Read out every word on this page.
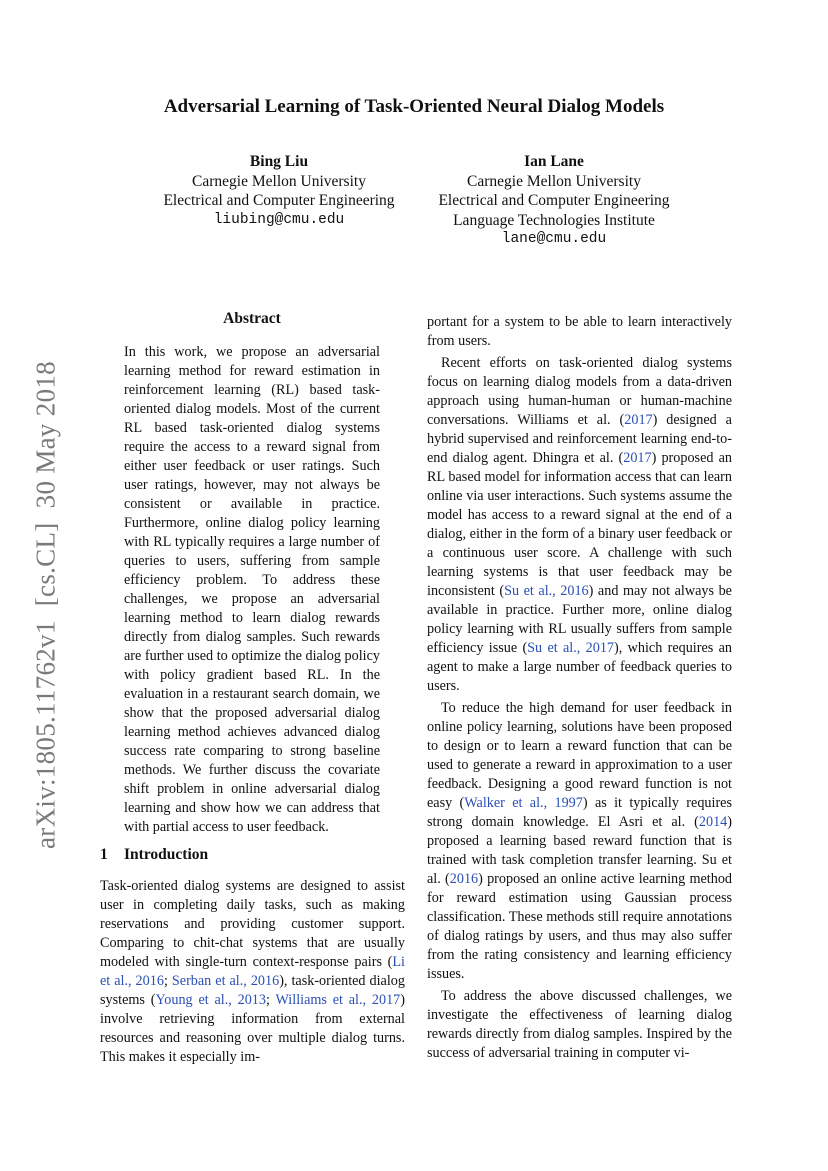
Adversarial Learning of Task-Oriented Neural Dialog Models
Bing Liu
Carnegie Mellon University
Electrical and Computer Engineering
liubing@cmu.edu
Ian Lane
Carnegie Mellon University
Electrical and Computer Engineering
Language Technologies Institute
lane@cmu.edu
arXiv:1805.11762v1  [cs.CL]  30 May 2018
Abstract

In this work, we propose an adversarial learning method for reward estimation in reinforcement learning (RL) based task-oriented dialog models. Most of the current RL based task-oriented dialog systems require the access to a reward signal from either user feedback or user ratings. Such user ratings, however, may not always be consistent or available in practice. Furthermore, online dialog policy learning with RL typically requires a large number of queries to users, suffering from sample efficiency problem. To address these challenges, we propose an adversarial learning method to learn dialog rewards directly from dialog samples. Such rewards are further used to optimize the dialog policy with policy gradient based RL. In the evaluation in a restaurant search domain, we show that the proposed adversarial dialog learning method achieves advanced dialog success rate comparing to strong baseline methods. We further discuss the covariate shift problem in online adversarial dialog learning and show how we can address that with partial access to user feedback.

1 Introduction

Task-oriented dialog systems are designed to assist user in completing daily tasks, such as making reservations and providing customer support. Comparing to chit-chat systems that are usually modeled with single-turn context-response pairs (Li et al., 2016; Serban et al., 2016), task-oriented dialog systems (Young et al., 2013; Williams et al., 2017) involve retrieving information from external resources and reasoning over multiple dialog turns. This makes it especially im-

portant for a system to be able to learn interactively from users.

Recent efforts on task-oriented dialog systems focus on learning dialog models from a data-driven approach using human-human or human-machine conversations. Williams et al. (2017) designed a hybrid supervised and reinforcement learning end-to-end dialog agent. Dhingra et al. (2017) proposed an RL based model for information access that can learn online via user interactions. Such systems assume the model has access to a reward signal at the end of a dialog, either in the form of a binary user feedback or a continuous user score. A challenge with such learning systems is that user feedback may be inconsistent (Su et al., 2016) and may not always be available in practice. Further more, online dialog policy learning with RL usually suffers from sample efficiency issue (Su et al., 2017), which requires an agent to make a large number of feedback queries to users.

To reduce the high demand for user feedback in online policy learning, solutions have been proposed to design or to learn a reward function that can be used to generate a reward in approximation to a user feedback. Designing a good reward function is not easy (Walker et al., 1997) as it typically requires strong domain knowledge. El Asri et al. (2014) proposed a learning based reward function that is trained with task completion transfer learning. Su et al. (2016) proposed an online active learning method for reward estimation using Gaussian process classification. These methods still require annotations of dialog ratings by users, and thus may also suffer from the rating consistency and learning efficiency issues.

To address the above discussed challenges, we investigate the effectiveness of learning dialog rewards directly from dialog samples. Inspired by the success of adversarial training in computer vi-
